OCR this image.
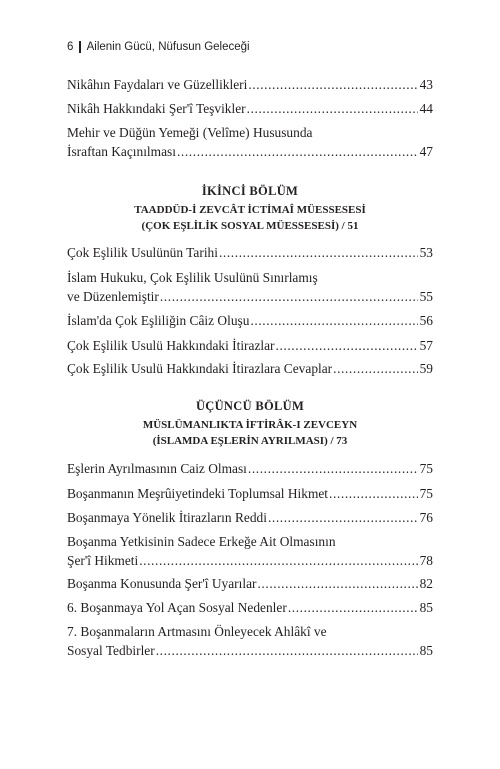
6 Ailenin Gücü, Nüfusun Geleceği
İKİNCİ BÖLÜM
TAADDÜD-İ ZEVCÂT İCTİMAÎ MÜESSESESİ
(ÇOK EŞLİLİK SOSYAL MÜESSESESİ) / 51
ÜÇÜNCÜ BÖLÜM
MÜSLÜMANLIKTA İFTİRÂK-I ZEVCEYN
(İSLAMDA EŞLERİN AYRILMASI) / 73
Nikâhın Faydaları ve Güzellikleri .....	43
Nikâh Hakkındaki Şer'î Teşvikler .....	44
Mehir ve Düğün Yemeği (Velîme) Hususunda
İsraftan Kaçınılması .....	47
Çok Eşlilik Usulünün Tarihi .....	53
İslam Hukuku, Çok Eşlilik Usulünü Sınırlamış
ve Düzenlemiştir .....	55
İslam'da Çok Eşliliğin Câiz Oluşu .....	56
Çok Eşlilik Usulü Hakkındaki İtirazlar .....	57
Çok Eşlilik Usulü Hakkındaki İtirazlara Cevaplar .....	59
Eşlerin Ayrılmasının Caiz Olması .....	75
Boşanmanın Meşrûiyetindeki Toplumsal Hikmet .....	75
Boşanmaya Yönelik İtirazların Reddi .....	76
Boşanma Yetkisinin Sadece Erkeğe Ait Olmasının
Şer'î Hikmeti .....	78
Boşanma Konusunda Şer'î Uyarılar .....	82
6. Boşanmaya Yol Açan Sosyal Nedenler .....	85
7. Boşanmaların Artmasını Önleyecek Ahlâkî ve
Sosyal Tedbirler .....	85
